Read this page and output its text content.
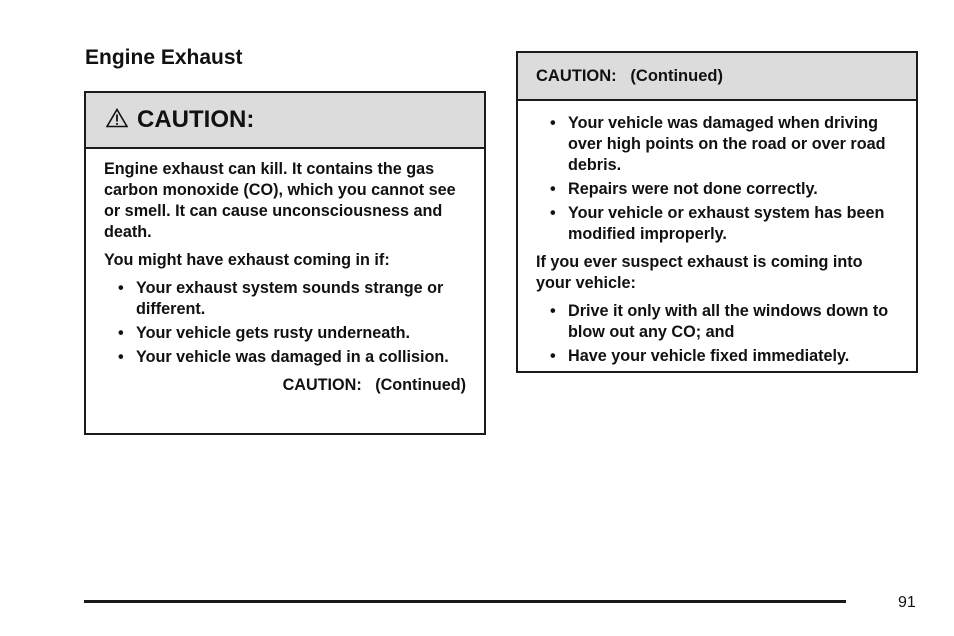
Engine Exhaust
CAUTION:

Engine exhaust can kill. It contains the gas carbon monoxide (CO), which you cannot see or smell. It can cause unconsciousness and death.

You might have exhaust coming in if:

• Your exhaust system sounds strange or different.
• Your vehicle gets rusty underneath.
• Your vehicle was damaged in a collision.
CAUTION:   (Continued)
CAUTION:   (Continued)
• Your vehicle was damaged when driving over high points on the road or over road debris.
• Repairs were not done correctly.
• Your vehicle or exhaust system has been modified improperly.

If you ever suspect exhaust is coming into your vehicle:

• Drive it only with all the windows down to blow out any CO; and
• Have your vehicle fixed immediately.
91
